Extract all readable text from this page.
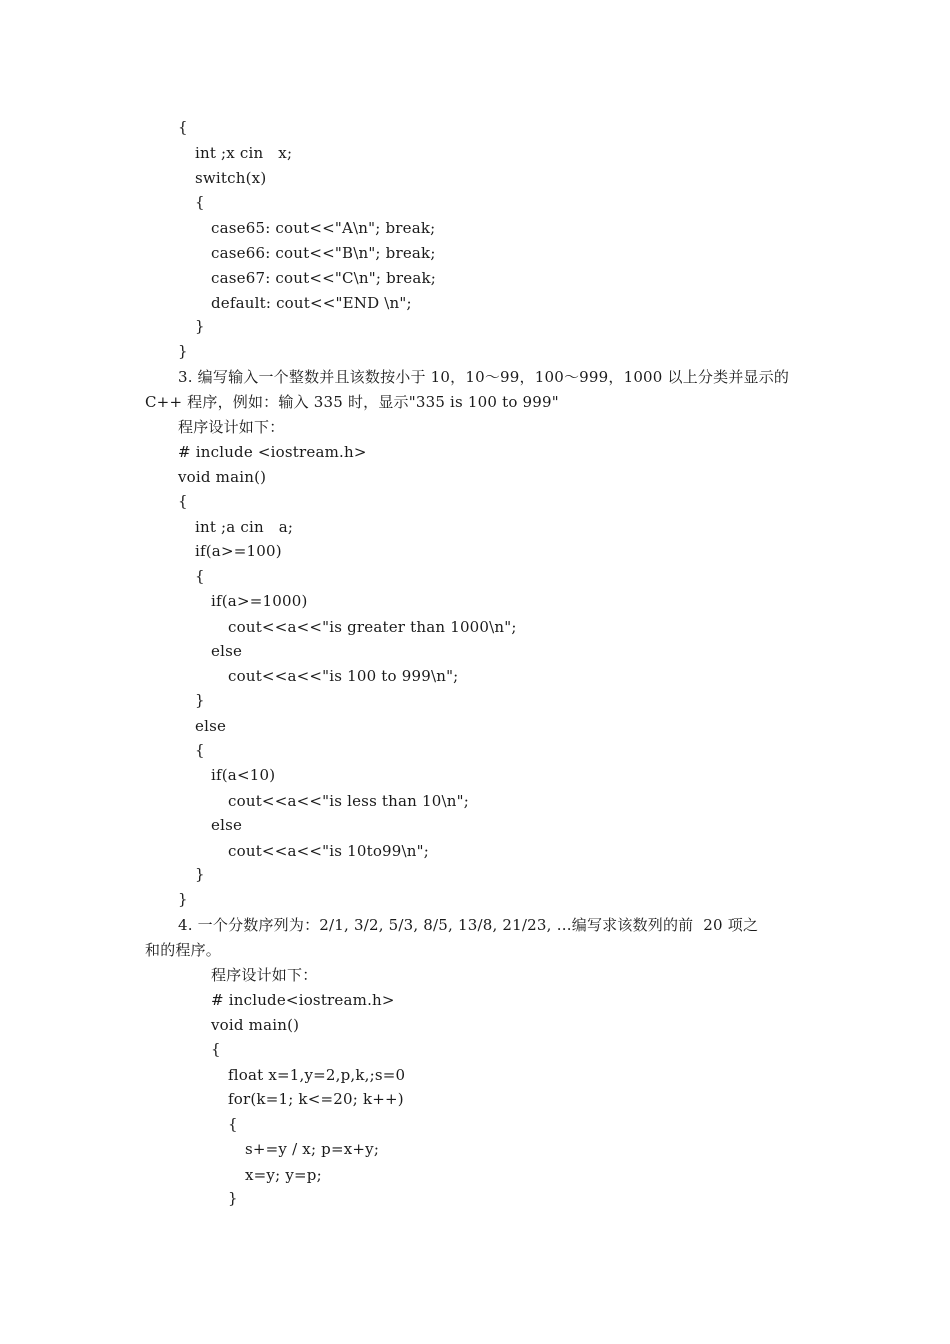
{
int ;x cin   x;
switch(x)
{
case65: cout<<"A\n"; break;
case66: cout<<"B\n"; break;
case67: cout<<"C\n"; break;
default: cout<<"END \n";
}
}
3. 编写输入一个整数并且该数按小于 10，10～99，100～999，1000 以上分类并显示的
C++ 程序，例如：输入 335 时，显示"335 is 100 to 999"
程序设计如下：
# include <iostream.h>
void main()
{
int ;a cin   a;
if(a>=100)
{
if(a>=1000)
cout<<a<<"is greater than 1000\n";
else
cout<<a<<"is 100 to 999\n";
}
else
{
if(a<10)
cout<<a<<"is less than 10\n";
else
cout<<a<<"is 10to99\n";
}
}
4. 一个分数序列为：2/1, 3/2, 5/3, 8/5, 13/8, 21/23, …编写求该数列的前  20 项之
和的程序。
程序设计如下：
# include<iostream.h>
void main()
{
float x=1,y=2,p,k,;s=0
for(k=1; k<=20; k++)
{
s+=y / x; p=x+y;
x=y; y=p;
}
